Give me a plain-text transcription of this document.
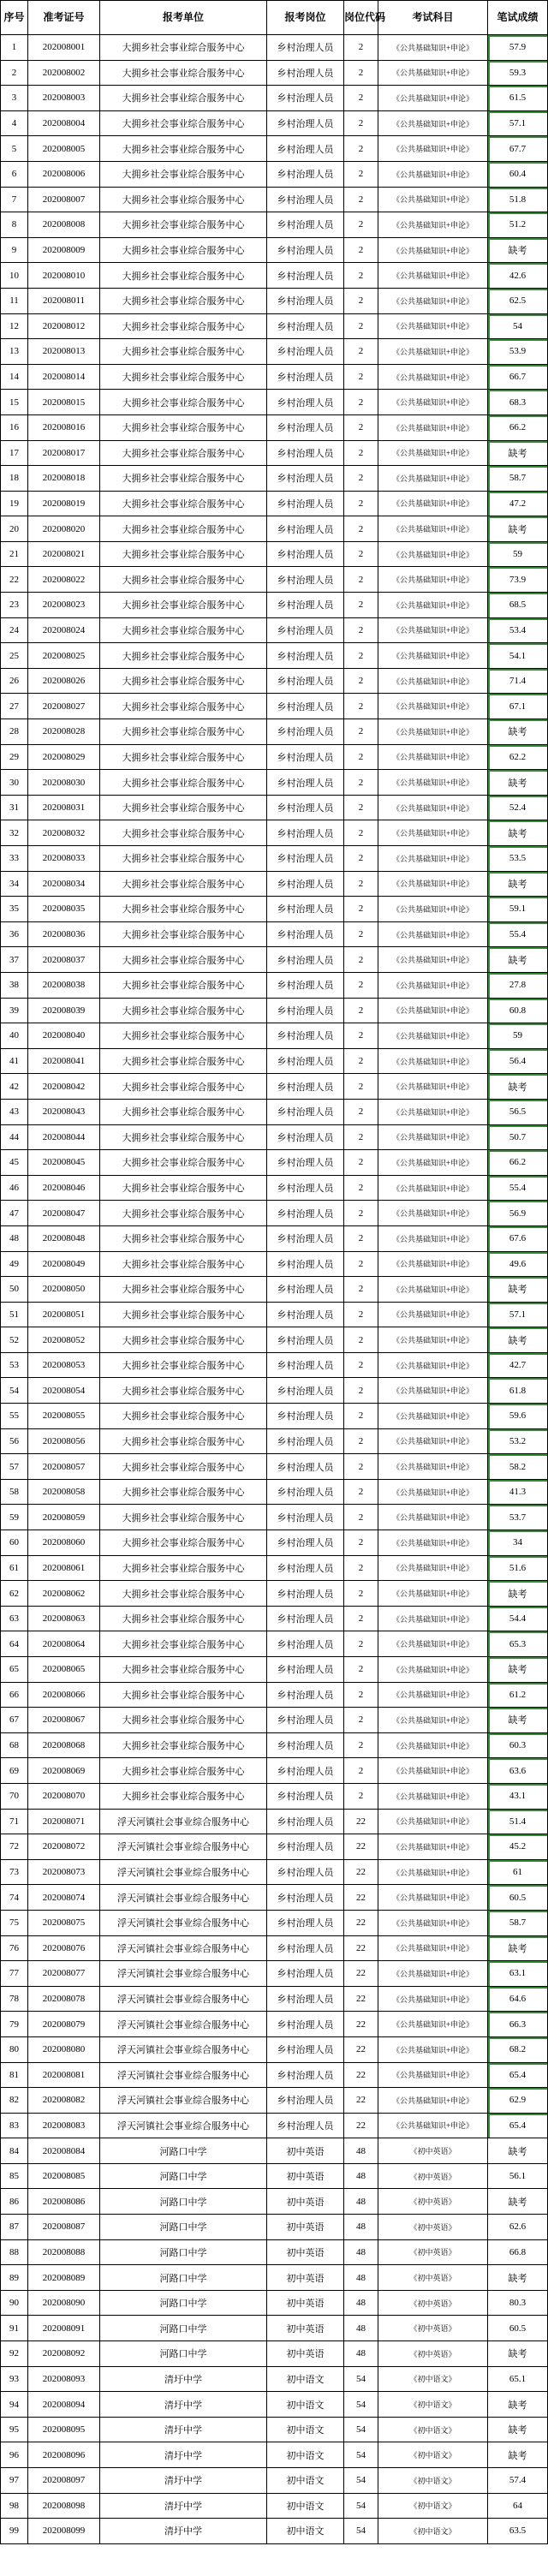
序号	准考证号	报考单位	报考岗位	岗位代码	考试科目	笔试成绩
1	202008001	大拥乡社会事业综合服务中心	乡村治理人员	2	《公共基础知识+申论》	57.9
2	202008002	大拥乡社会事业综合服务中心	乡村治理人员	2	《公共基础知识+申论》	59.3
3	202008003	大拥乡社会事业综合服务中心	乡村治理人员	2	《公共基础知识+申论》	61.5
4	202008004	大拥乡社会事业综合服务中心	乡村治理人员	2	《公共基础知识+申论》	57.1
5	202008005	大拥乡社会事业综合服务中心	乡村治理人员	2	《公共基础知识+申论》	67.7
6	202008006	大拥乡社会事业综合服务中心	乡村治理人员	2	《公共基础知识+申论》	60.4
7	202008007	大拥乡社会事业综合服务中心	乡村治理人员	2	《公共基础知识+申论》	51.8
8	202008008	大拥乡社会事业综合服务中心	乡村治理人员	2	《公共基础知识+申论》	51.2
9	202008009	大拥乡社会事业综合服务中心	乡村治理人员	2	《公共基础知识+申论》	缺考
10	202008010	大拥乡社会事业综合服务中心	乡村治理人员	2	《公共基础知识+申论》	42.6
11	202008011	大拥乡社会事业综合服务中心	乡村治理人员	2	《公共基础知识+申论》	62.5
12	202008012	大拥乡社会事业综合服务中心	乡村治理人员	2	《公共基础知识+申论》	54
13	202008013	大拥乡社会事业综合服务中心	乡村治理人员	2	《公共基础知识+申论》	53.9
14	202008014	大拥乡社会事业综合服务中心	乡村治理人员	2	《公共基础知识+申论》	66.7
15	202008015	大拥乡社会事业综合服务中心	乡村治理人员	2	《公共基础知识+申论》	68.3
16	202008016	大拥乡社会事业综合服务中心	乡村治理人员	2	《公共基础知识+申论》	66.2
17	202008017	大拥乡社会事业综合服务中心	乡村治理人员	2	《公共基础知识+申论》	缺考
18	202008018	大拥乡社会事业综合服务中心	乡村治理人员	2	《公共基础知识+申论》	58.7
19	202008019	大拥乡社会事业综合服务中心	乡村治理人员	2	《公共基础知识+申论》	47.2
20	202008020	大拥乡社会事业综合服务中心	乡村治理人员	2	《公共基础知识+申论》	缺考
21	202008021	大拥乡社会事业综合服务中心	乡村治理人员	2	《公共基础知识+申论》	59
22	202008022	大拥乡社会事业综合服务中心	乡村治理人员	2	《公共基础知识+申论》	73.9
23	202008023	大拥乡社会事业综合服务中心	乡村治理人员	2	《公共基础知识+申论》	68.5
24	202008024	大拥乡社会事业综合服务中心	乡村治理人员	2	《公共基础知识+申论》	53.4
25	202008025	大拥乡社会事业综合服务中心	乡村治理人员	2	《公共基础知识+申论》	54.1
26	202008026	大拥乡社会事业综合服务中心	乡村治理人员	2	《公共基础知识+申论》	71.4
27	202008027	大拥乡社会事业综合服务中心	乡村治理人员	2	《公共基础知识+申论》	67.1
28	202008028	大拥乡社会事业综合服务中心	乡村治理人员	2	《公共基础知识+申论》	缺考
29	202008029	大拥乡社会事业综合服务中心	乡村治理人员	2	《公共基础知识+申论》	62.2
30	202008030	大拥乡社会事业综合服务中心	乡村治理人员	2	《公共基础知识+申论》	缺考
31	202008031	大拥乡社会事业综合服务中心	乡村治理人员	2	《公共基础知识+申论》	52.4
32	202008032	大拥乡社会事业综合服务中心	乡村治理人员	2	《公共基础知识+申论》	缺考
33	202008033	大拥乡社会事业综合服务中心	乡村治理人员	2	《公共基础知识+申论》	53.5
34	202008034	大拥乡社会事业综合服务中心	乡村治理人员	2	《公共基础知识+申论》	缺考
35	202008035	大拥乡社会事业综合服务中心	乡村治理人员	2	《公共基础知识+申论》	59.1
36	202008036	大拥乡社会事业综合服务中心	乡村治理人员	2	《公共基础知识+申论》	55.4
37	202008037	大拥乡社会事业综合服务中心	乡村治理人员	2	《公共基础知识+申论》	缺考
38	202008038	大拥乡社会事业综合服务中心	乡村治理人员	2	《公共基础知识+申论》	27.8
39	202008039	大拥乡社会事业综合服务中心	乡村治理人员	2	《公共基础知识+申论》	60.8
40	202008040	大拥乡社会事业综合服务中心	乡村治理人员	2	《公共基础知识+申论》	59
41	202008041	大拥乡社会事业综合服务中心	乡村治理人员	2	《公共基础知识+申论》	56.4
42	202008042	大拥乡社会事业综合服务中心	乡村治理人员	2	《公共基础知识+申论》	缺考
43	202008043	大拥乡社会事业综合服务中心	乡村治理人员	2	《公共基础知识+申论》	56.5
44	202008044	大拥乡社会事业综合服务中心	乡村治理人员	2	《公共基础知识+申论》	50.7
45	202008045	大拥乡社会事业综合服务中心	乡村治理人员	2	《公共基础知识+申论》	66.2
46	202008046	大拥乡社会事业综合服务中心	乡村治理人员	2	《公共基础知识+申论》	55.4
47	202008047	大拥乡社会事业综合服务中心	乡村治理人员	2	《公共基础知识+申论》	56.9
48	202008048	大拥乡社会事业综合服务中心	乡村治理人员	2	《公共基础知识+申论》	67.6
49	202008049	大拥乡社会事业综合服务中心	乡村治理人员	2	《公共基础知识+申论》	49.6
50	202008050	大拥乡社会事业综合服务中心	乡村治理人员	2	《公共基础知识+申论》	缺考
51	202008051	大拥乡社会事业综合服务中心	乡村治理人员	2	《公共基础知识+申论》	57.1
52	202008052	大拥乡社会事业综合服务中心	乡村治理人员	2	《公共基础知识+申论》	缺考
53	202008053	大拥乡社会事业综合服务中心	乡村治理人员	2	《公共基础知识+申论》	42.7
54	202008054	大拥乡社会事业综合服务中心	乡村治理人员	2	《公共基础知识+申论》	61.8
55	202008055	大拥乡社会事业综合服务中心	乡村治理人员	2	《公共基础知识+申论》	59.6
56	202008056	大拥乡社会事业综合服务中心	乡村治理人员	2	《公共基础知识+申论》	53.2
57	202008057	大拥乡社会事业综合服务中心	乡村治理人员	2	《公共基础知识+申论》	58.2
58	202008058	大拥乡社会事业综合服务中心	乡村治理人员	2	《公共基础知识+申论》	41.3
59	202008059	大拥乡社会事业综合服务中心	乡村治理人员	2	《公共基础知识+申论》	53.7
60	202008060	大拥乡社会事业综合服务中心	乡村治理人员	2	《公共基础知识+申论》	34
61	202008061	大拥乡社会事业综合服务中心	乡村治理人员	2	《公共基础知识+申论》	51.6
62	202008062	大拥乡社会事业综合服务中心	乡村治理人员	2	《公共基础知识+申论》	缺考
63	202008063	大拥乡社会事业综合服务中心	乡村治理人员	2	《公共基础知识+申论》	54.4
64	202008064	大拥乡社会事业综合服务中心	乡村治理人员	2	《公共基础知识+申论》	65.3
65	202008065	大拥乡社会事业综合服务中心	乡村治理人员	2	《公共基础知识+申论》	缺考
66	202008066	大拥乡社会事业综合服务中心	乡村治理人员	2	《公共基础知识+申论》	61.2
67	202008067	大拥乡社会事业综合服务中心	乡村治理人员	2	《公共基础知识+申论》	缺考
68	202008068	大拥乡社会事业综合服务中心	乡村治理人员	2	《公共基础知识+申论》	60.3
69	202008069	大拥乡社会事业综合服务中心	乡村治理人员	2	《公共基础知识+申论》	63.6
70	202008070	大拥乡社会事业综合服务中心	乡村治理人员	2	《公共基础知识+申论》	43.1
71	202008071	浮天河镇社会事业综合服务中心	乡村治理人员	22	《公共基础知识+申论》	51.4
72	202008072	浮天河镇社会事业综合服务中心	乡村治理人员	22	《公共基础知识+申论》	45.2
73	202008073	浮天河镇社会事业综合服务中心	乡村治理人员	22	《公共基础知识+申论》	61
74	202008074	浮天河镇社会事业综合服务中心	乡村治理人员	22	《公共基础知识+申论》	60.5
75	202008075	浮天河镇社会事业综合服务中心	乡村治理人员	22	《公共基础知识+申论》	58.7
76	202008076	浮天河镇社会事业综合服务中心	乡村治理人员	22	《公共基础知识+申论》	缺考
77	202008077	浮天河镇社会事业综合服务中心	乡村治理人员	22	《公共基础知识+申论》	63.1
78	202008078	浮天河镇社会事业综合服务中心	乡村治理人员	22	《公共基础知识+申论》	64.6
79	202008079	浮天河镇社会事业综合服务中心	乡村治理人员	22	《公共基础知识+申论》	66.3
80	202008080	浮天河镇社会事业综合服务中心	乡村治理人员	22	《公共基础知识+申论》	68.2
81	202008081	浮天河镇社会事业综合服务中心	乡村治理人员	22	《公共基础知识+申论》	65.4
82	202008082	浮天河镇社会事业综合服务中心	乡村治理人员	22	《公共基础知识+申论》	62.9
83	202008083	浮天河镇社会事业综合服务中心	乡村治理人员	22	《公共基础知识+申论》	65.4
84	202008084	河路口中学	初中英语	48	《初中英语》	缺考
85	202008085	河路口中学	初中英语	48	《初中英语》	56.1
86	202008086	河路口中学	初中英语	48	《初中英语》	缺考
87	202008087	河路口中学	初中英语	48	《初中英语》	62.6
88	202008088	河路口中学	初中英语	48	《初中英语》	66.8
89	202008089	河路口中学	初中英语	48	《初中英语》	缺考
90	202008090	河路口中学	初中英语	48	《初中英语》	80.3
91	202008091	河路口中学	初中英语	48	《初中英语》	60.5
92	202008092	河路口中学	初中英语	48	《初中英语》	缺考
93	202008093	清圩中学	初中语文	54	《初中语文》	65.1
94	202008094	清圩中学	初中语文	54	《初中语文》	缺考
95	202008095	清圩中学	初中语文	54	《初中语文》	缺考
96	202008096	清圩中学	初中语文	54	《初中语文》	缺考
97	202008097	清圩中学	初中语文	54	《初中语文》	57.4
98	202008098	清圩中学	初中语文	54	《初中语文》	64
99	202008099	清圩中学	初中语文	54	《初中语文》	63.5
